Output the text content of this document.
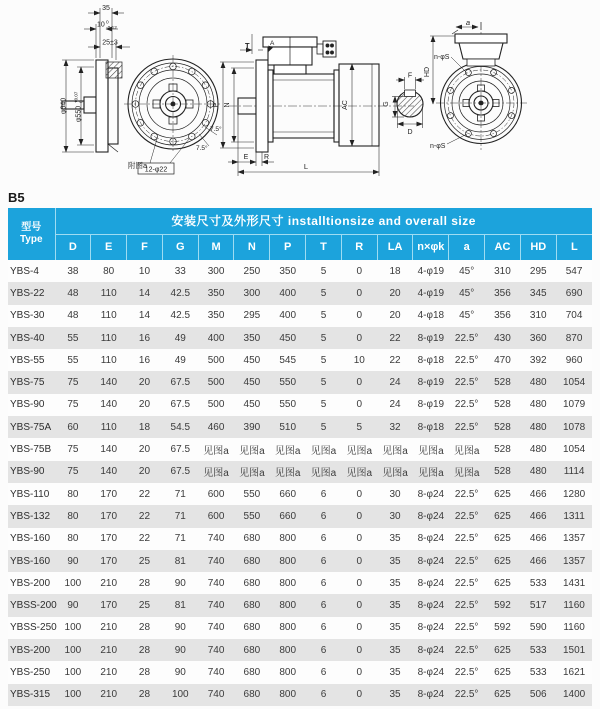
35
10 0
-0.12
25±3
φ640 φ550
+0.07 0
12-φ22
7.5°
7.5°
附图a
T	A
P N	AC
E R
L
F
G
D
HD
a
n-φS
n-φS
B5
型号
Type	安装尺寸及外形尺寸 installtionsize and overall size														
	D	E	F	G	M	N	P	T	R	LA	n×φk	a	AC	HD	L
YBS-4	38	80	10	33	300	250	350	5	0	18	4-φ19	45°	310	295	547
YBS-22	48	110	14	42.5	350	300	400	5	0	20	4-φ19	45°	356	345	690
YBS-30	48	110	14	42.5	350	295	400	5	0	20	4-φ18	45°	356	310	704
YBS-40	55	110	16	49	400	350	450	5	0	22	8-φ19	22.5°	430	360	870
YBS-55	55	110	16	49	500	450	545	5	10	22	8-φ18	22.5°	470	392	960
YBS-75	75	140	20	67.5	500	450	550	5	0	24	8-φ19	22.5°	528	480	1054
YBS-90	75	140	20	67.5	500	450	550	5	0	24	8-φ19	22.5°	528	480	1079
YBS-75A	60	110	18	54.5	460	390	510	5	5	32	8-φ18	22.5°	528	480	1078
YBS-75B	75	140	20	67.5	见图a	见图a	见图a	见图a	见图a	见图a	见图a	见图a	528	480	1054
YBS-90	75	140	20	67.5	见图a	见图a	见图a	见图a	见图a	见图a	见图a	见图a	528	480	1114
YBS-110	80	170	22	71	600	550	660	6	0	30	8-φ24	22.5°	625	466	1280
YBS-132	80	170	22	71	600	550	660	6	0	30	8-φ24	22.5°	625	466	1311
YBS-160	80	170	22	71	740	680	800	6	0	35	8-φ24	22.5°	625	466	1357
YBS-160	90	170	25	81	740	680	800	6	0	35	8-φ24	22.5°	625	466	1357
YBS-200	100	210	28	90	740	680	800	6	0	35	8-φ24	22.5°	625	533	1431
YBSS-200	90	170	25	81	740	680	800	6	0	35	8-φ24	22.5°	592	517	1160
YBSS-250	100	210	28	90	740	680	800	6	0	35	8-φ24	22.5°	592	590	1160
YBS-200	100	210	28	90	740	680	800	6	0	35	8-φ24	22.5°	625	533	1501
YBS-250	100	210	28	90	740	680	800	6	0	35	8-φ24	22.5°	625	533	1621
YBS-315	100	210	28	100	740	680	800	6	0	35	8-φ24	22.5°	625	506	1400
